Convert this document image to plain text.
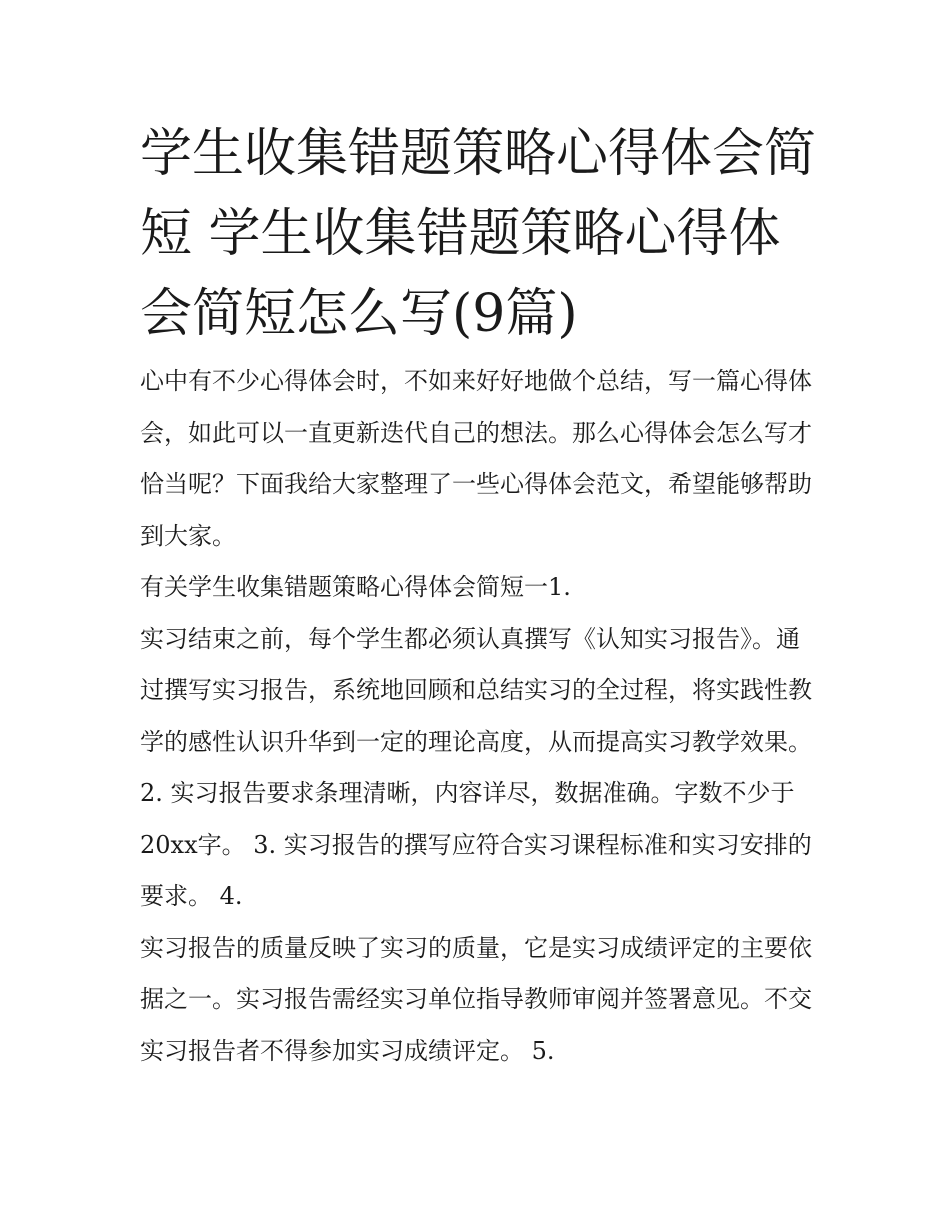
学生收集错题策略心得体会简短 学生收集错题策略心得体会简短怎么写(9篇)

心中有不少心得体会时，不如来好好地做个总结，写一篇心得体会，如此可以一直更新迭代自己的想法。那么心得体会怎么写才恰当呢？下面我给大家整理了一些心得体会范文，希望能够帮助到大家。

有关学生收集错题策略心得体会简短一1.

实习结束之前，每个学生都必须认真撰写《认知实习报告》。通过撰写实习报告，系统地回顾和总结实习的全过程，将实践性教学的感性认识升华到一定的理论高度，从而提高实习教学效果。

2. 实习报告要求条理清晰，内容详尽，数据准确。字数不少于20xx字。 3. 实习报告的撰写应符合实习课程标准和实习安排的要求。 4.

实习报告的质量反映了实习的质量，它是实习成绩评定的主要依据之一。实习报告需经实习单位指导教师审阅并签署意见。不交实习报告者不得参加实习成绩评定。 5.
